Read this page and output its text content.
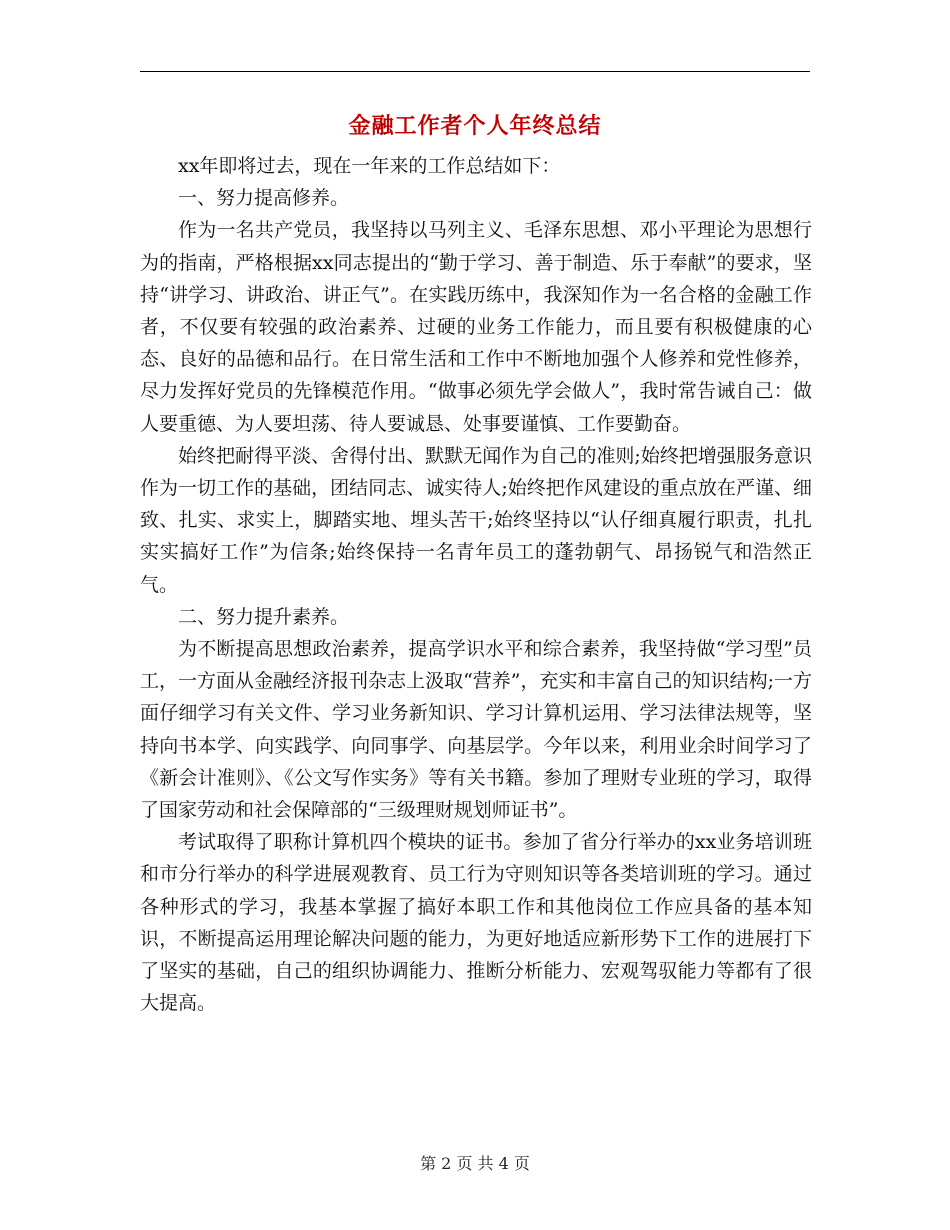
金融工作者个人年终总结

xx年即将过去，现在一年来的工作总结如下：

一、努力提高修养。

作为一名共产党员，我坚持以马列主义、毛泽东思想、邓小平理论为思想行为的指南，严格根据xx同志提出的“勤于学习、善于制造、乐于奉献”的要求，坚持“讲学习、讲政治、讲正气”。在实践历练中，我深知作为一名合格的金融工作者，不仅要有较强的政治素养、过硬的业务工作能力，而且要有积极健康的心态、良好的品德和品行。在日常生活和工作中不断地加强个人修养和党性修养，尽力发挥好党员的先锋模范作用。“做事必须先学会做人”，我时常告诫自己：做人要重德、为人要坦荡、待人要诚恳、处事要谨慎、工作要勤奋。

始终把耐得平淡、舍得付出、默默无闻作为自己的准则;始终把增强服务意识作为一切工作的基础，团结同志、诚实待人;始终把作风建设的重点放在严谨、细致、扎实、求实上，脚踏实地、埋头苦干;始终坚持以“认仔细真履行职责，扎扎实实搞好工作”为信条;始终保持一名青年员工的蓬勃朝气、昂扬锐气和浩然正气。

二、努力提升素养。

为不断提高思想政治素养，提高学识水平和综合素养，我坚持做“学习型”员工，一方面从金融经济报刊杂志上汲取“营养”，充实和丰富自己的知识结构;一方面仔细学习有关文件、学习业务新知识、学习计算机运用、学习法律法规等，坚持向书本学、向实践学、向同事学、向基层学。今年以来，利用业余时间学习了《新会计准则》、《公文写作实务》等有关书籍。参加了理财专业班的学习，取得了国家劳动和社会保障部的“三级理财规划师证书”。

考试取得了职称计算机四个模块的证书。参加了省分行举办的xx业务培训班和市分行举办的科学进展观教育、员工行为守则知识等各类培训班的学习。通过各种形式的学习，我基本掌握了搞好本职工作和其他岗位工作应具备的基本知识，不断提高运用理论解决问题的能力，为更好地适应新形势下工作的进展打下了坚实的基础，自己的组织协调能力、推断分析能力、宏观驾驭能力等都有了很大提高。

第 2 页 共 4 页
